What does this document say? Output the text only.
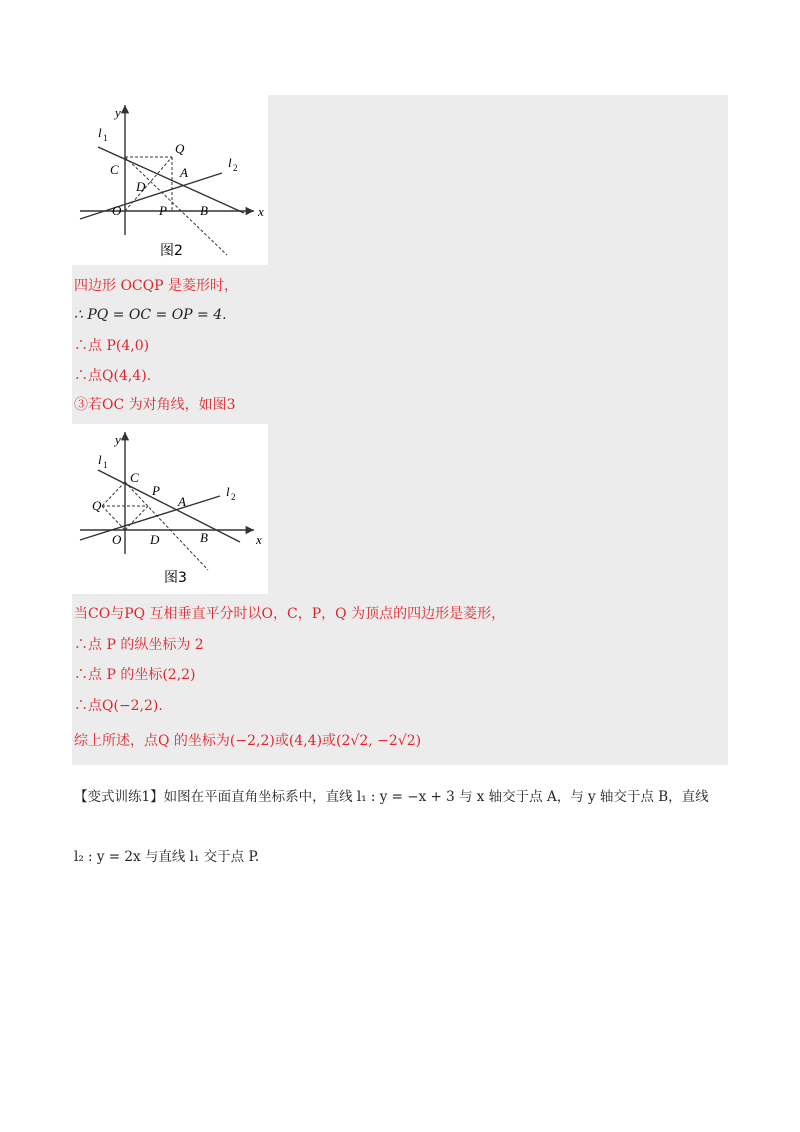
y
x
l 1
l 2
C
Q
A
D
O	P	B
图2
四边形 OCQP 是菱形时，
∴ PQ = OC = OP = 4.
∴点 P(4,0)
∴点Q(4,4).
③若OC 为对角线，如图3
y
x
l 1
l 2
C
P
A
Q
O D	B
图3
当CO与PQ 互相垂直平分时以O，C，P，Q 为顶点的四边形是菱形，
∴点 P 的纵坐标为 2
∴点 P 的坐标(2,2)
∴点Q(−2,2).
综上所述，点Q 的坐标为(−2,2)或(4,4)或(2√2, −2√2)
【变式训练1】如图在平面直角坐标系中，直线 l₁ : y = −x + 3 与 x 轴交于点 A，与 y 轴交于点 B，直线
l₂ : y = 2x 与直线 l₁ 交于点 P.
